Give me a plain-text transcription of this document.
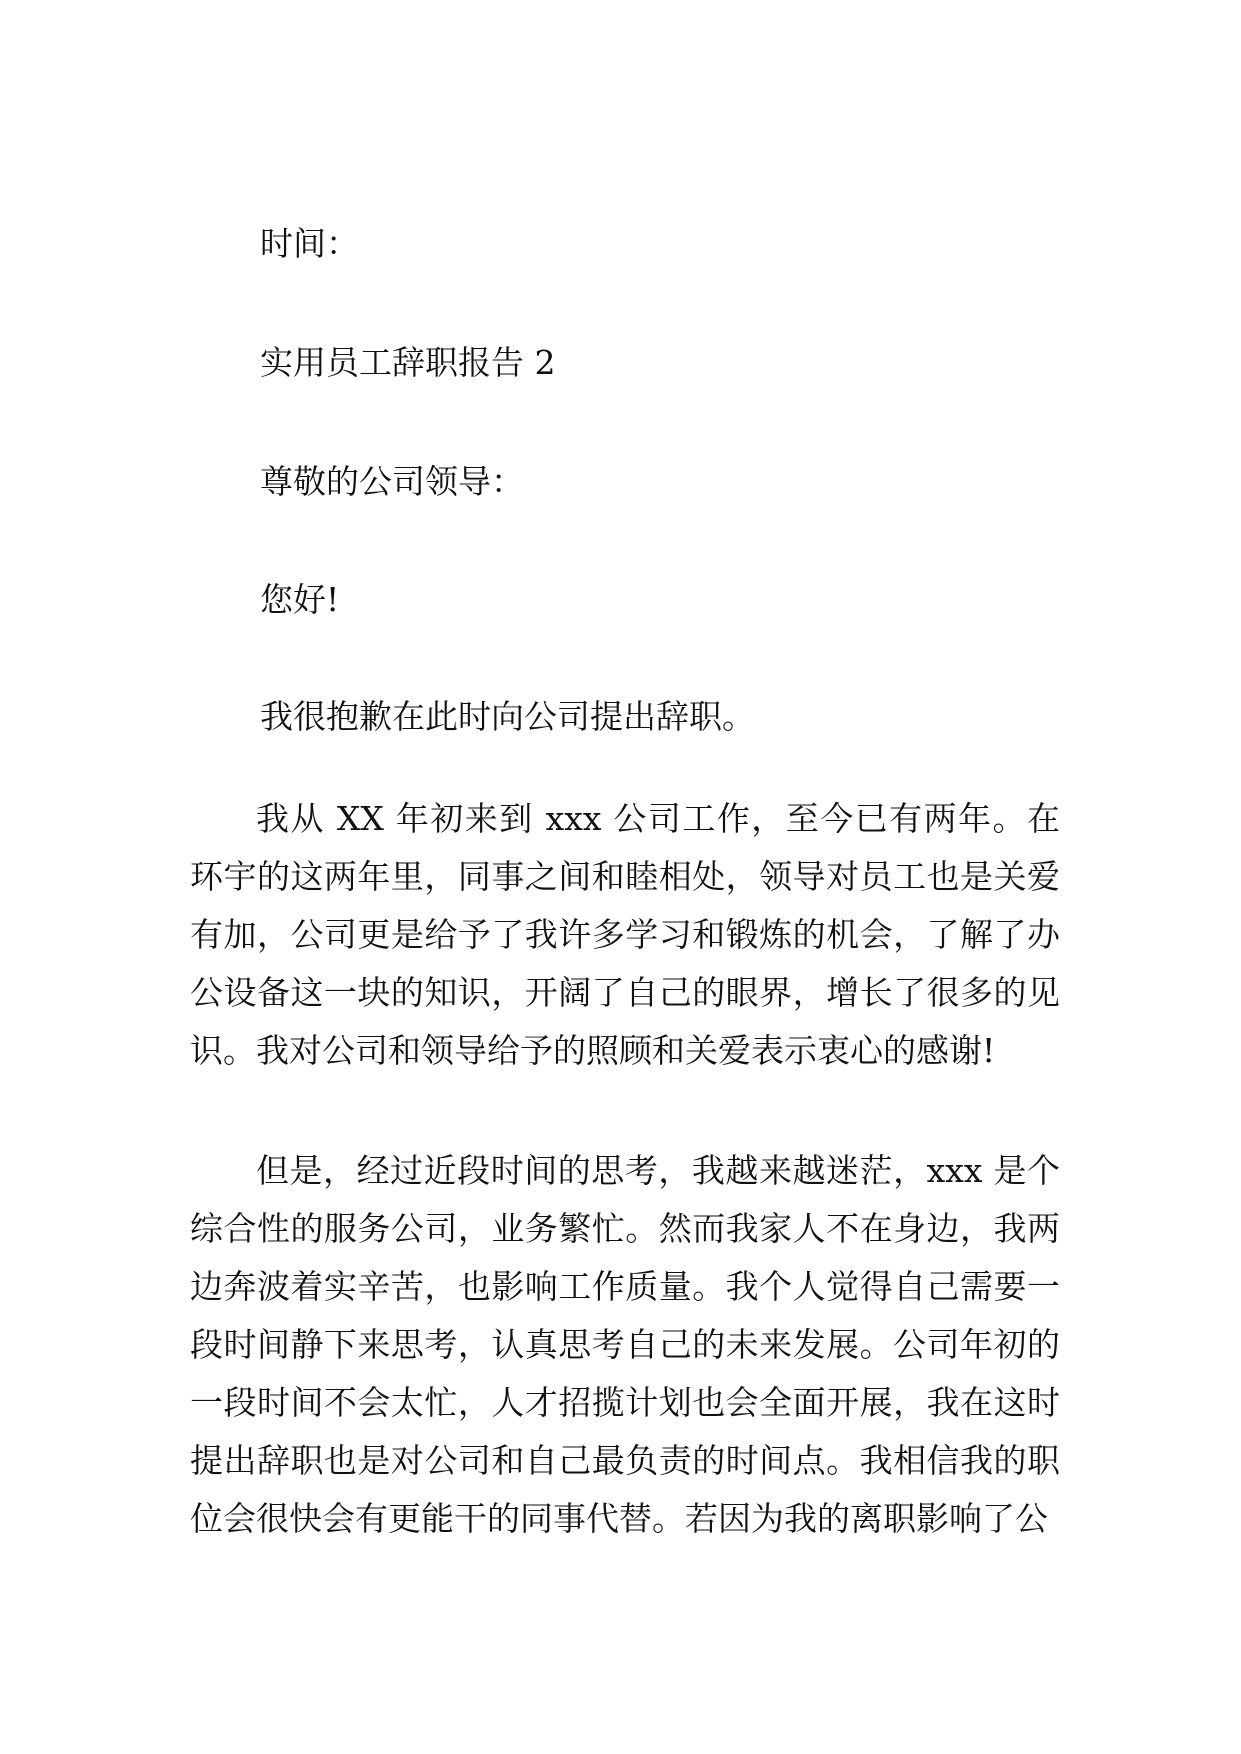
时间：

实用员工辞职报告 2

尊敬的公司领导：

您好!

我很抱歉在此时向公司提出辞职。

我从 XX 年初来到 xxx 公司工作，至今已有两年。在环宇的这两年里，同事之间和睦相处，领导对员工也是关爱有加，公司更是给予了我许多学习和锻炼的机会，了解了办公设备这一块的知识，开阔了自己的眼界，增长了很多的见识。我对公司和领导给予的照顾和关爱表示衷心的感谢!

但是，经过近段时间的思考，我越来越迷茫，xxx 是个综合性的服务公司，业务繁忙。然而我家人不在身边，我两边奔波着实辛苦，也影响工作质量。我个人觉得自己需要一段时间静下来思考，认真思考自己的未来发展。公司年初的一段时间不会太忙，人才招揽计划也会全面开展，我在这时提出辞职也是对公司和自己最负责的时间点。我相信我的职位会很快会有更能干的同事代替。若因为我的离职影响了公
